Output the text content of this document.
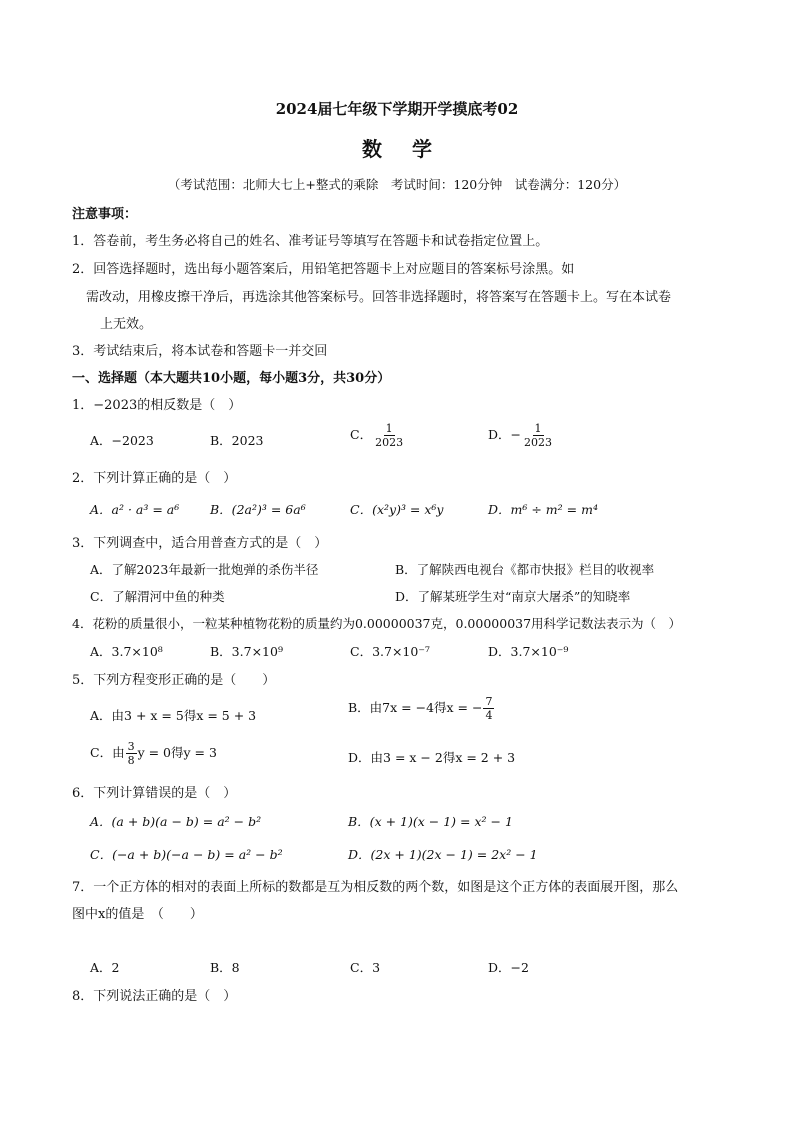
2024届七年级下学期开学摸底考02
数学
（考试范围：北师大七上+整式的乘除　考试时间：120分钟　试卷满分：120分）
注意事项：
1．答卷前，考生务必将自己的姓名、准考证号等填写在答题卡和试卷指定位置上。
2．回答选择题时，选出每小题答案后，用铅笔把答题卡上对应题目的答案标号涂黑。如
需改动，用橡皮擦干净后，再选涂其他答案标号。回答非选择题时，将答案写在答题卡上。写在本试卷
上无效。
3．考试结束后，将本试卷和答题卡一并交回
一、选择题（本大题共10小题，每小题3分，共30分）
1．−2023的相反数是（　）
A．−2023	B．2023	C． $\frac{1}{2023}$	D．− $\frac{1}{2023}$
2．下列计算正确的是（　）
A．a² · a³ = a⁶ B．(2a²)³ = 6a⁶	C．(x²y)³ = x⁶y	D．m⁶ ÷ m² = m⁴
3．下列调查中，适合用普查方式的是（　）
A．了解2023年最新一批炮弹的杀伤半径	B．了解陕西电视台《都市快报》栏目的收视率
C．了解渭河中鱼的种类	D．了解某班学生对“南京大屠杀”的知晓率
4．花粉的质量很小，一粒某种植物花粉的质量约为0.00000037克，0.00000037用科学记数法表示为（　）
A．3.7×10⁸	B．3.7×10⁹	C．3.7×10⁻⁷	D．3.7×10⁻⁹
5．下列方程变形正确的是（　　）
A．由3 + x = 5得x = 5 + 3
B．由7x = −4得x = − $\frac{7}{4}$
C．由 $\frac{3}{8}$ y = 0得y = 3	D．由3 = x − 2得x = 2 + 3
6．下列计算错误的是（　）
A．(a + b)(a − b) = a² − b²	B．(x + 1)(x − 1) = x² − 1
C．(−a + b)(−a − b) = a² − b²	D．(2x + 1)(2x − 1) = 2x² − 1
7．一个正方体的相对的表面上所标的数都是互为相反数的两个数，如图是这个正方体的表面展开图，那么
图中x的值是　（　　）
A．2	B．8	C．3	D．−2
8．下列说法正确的是（　）
